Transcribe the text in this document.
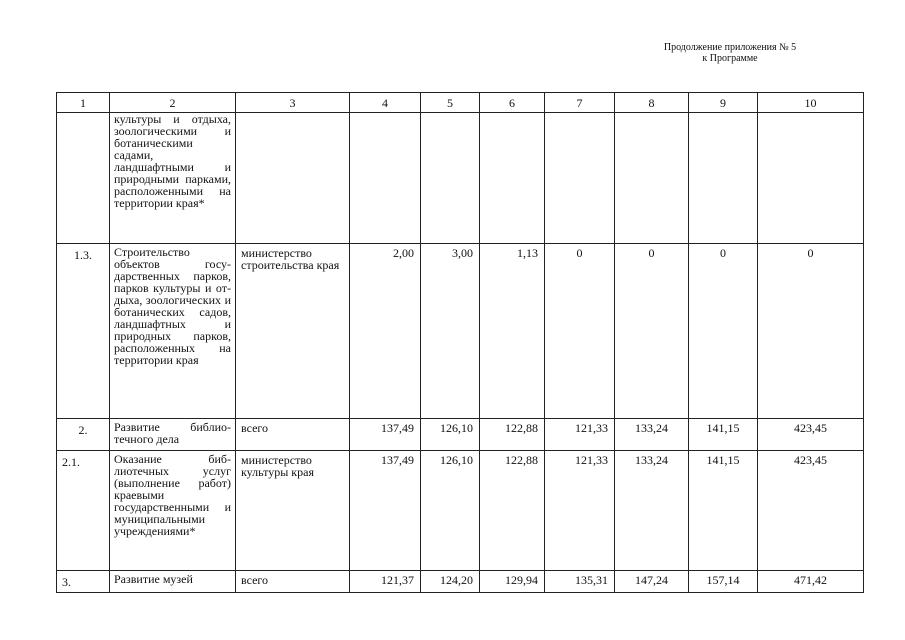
Продолжение приложения № 5
к Программе
1	2	3	4	5	6	7	8	9	10
	культуры и отдыха, зоологическими и ботаническими садами, ландшафтными и природными парками, расположенными на территории края*								
1.3.	Строительство объектов государственных парков, парков культуры и отдыха, зоологических и ботанических садов, ландшафтных и природных парков, расположенных на территории края	министерство строительства края	2,00	3,00	1,13	0	0	0	0
2.	Развитие библиотечного дела	всего	137,49	126,10	122,88	121,33	133,24	141,15	423,45
2.1.	Оказание библиотечных услуг (выполнение работ) краевыми государственными и муниципальными учреждениями*	министерство культуры края	137,49	126,10	122,88	121,33	133,24	141,15	423,45
3.	Развитие музей	всего	121,37	124,20	129,94	135,31	147,24	157,14	471,42
